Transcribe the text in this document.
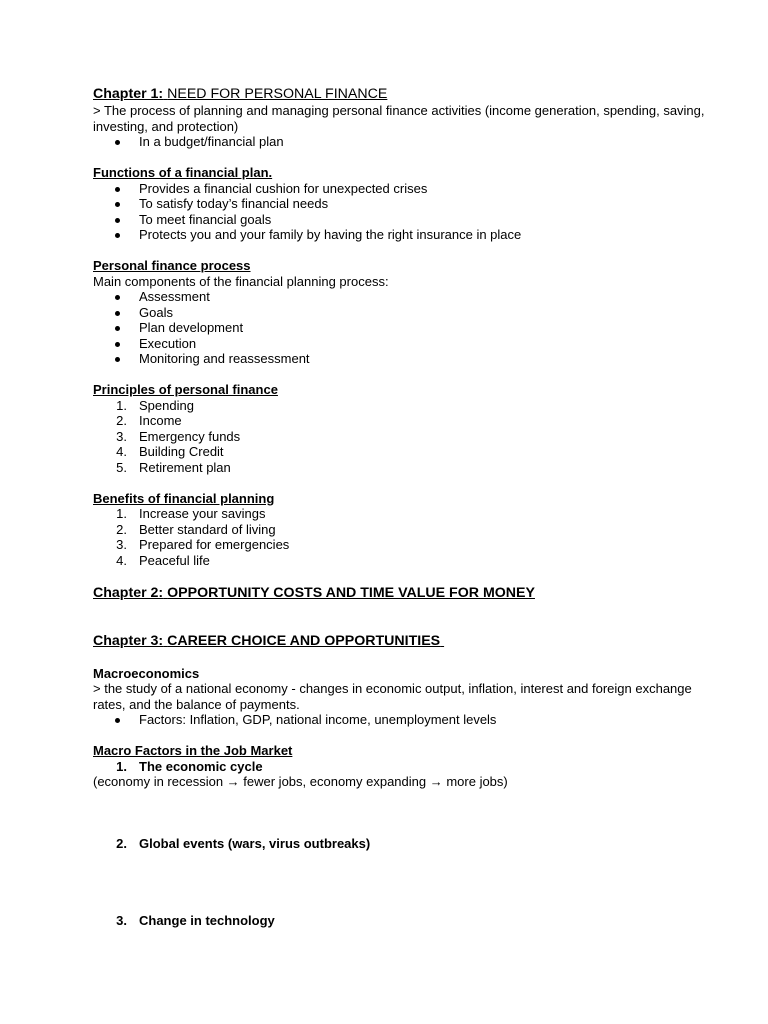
Chapter 1: NEED FOR PERSONAL FINANCE

> The process of planning and managing personal finance activities (income generation, spending, saving, investing, and protection)

In a budget/financial plan

Functions of a financial plan.

Provides a financial cushion for unexpected crises
To satisfy today’s financial needs
To meet financial goals
Protects you and your family by having the right insurance in place

Personal finance process

Main components of the financial planning process:

Assessment
Goals
Plan development
Execution
Monitoring and reassessment

Principles of personal finance

1. Spending
2. Income
3. Emergency funds
4. Building Credit
5. Retirement plan

Benefits of financial planning

1. Increase your savings
2. Better standard of living
3. Prepared for emergencies
4. Peaceful life
Chapter 2: OPPORTUNITY COSTS AND TIME VALUE FOR MONEY
Chapter 3: CAREER CHOICE AND OPPORTUNITIES

Macroeconomics

> the study of a national economy - changes in economic output, inflation, interest and foreign exchange rates, and the balance of payments.

Factors: Inflation, GDP, national income, unemployment levels

Macro Factors in the Job Market

1. The economic cycle

(economy in recession → fewer jobs, economy expanding → more jobs)

2. Global events (wars, virus outbreaks)
3. Change in technology
